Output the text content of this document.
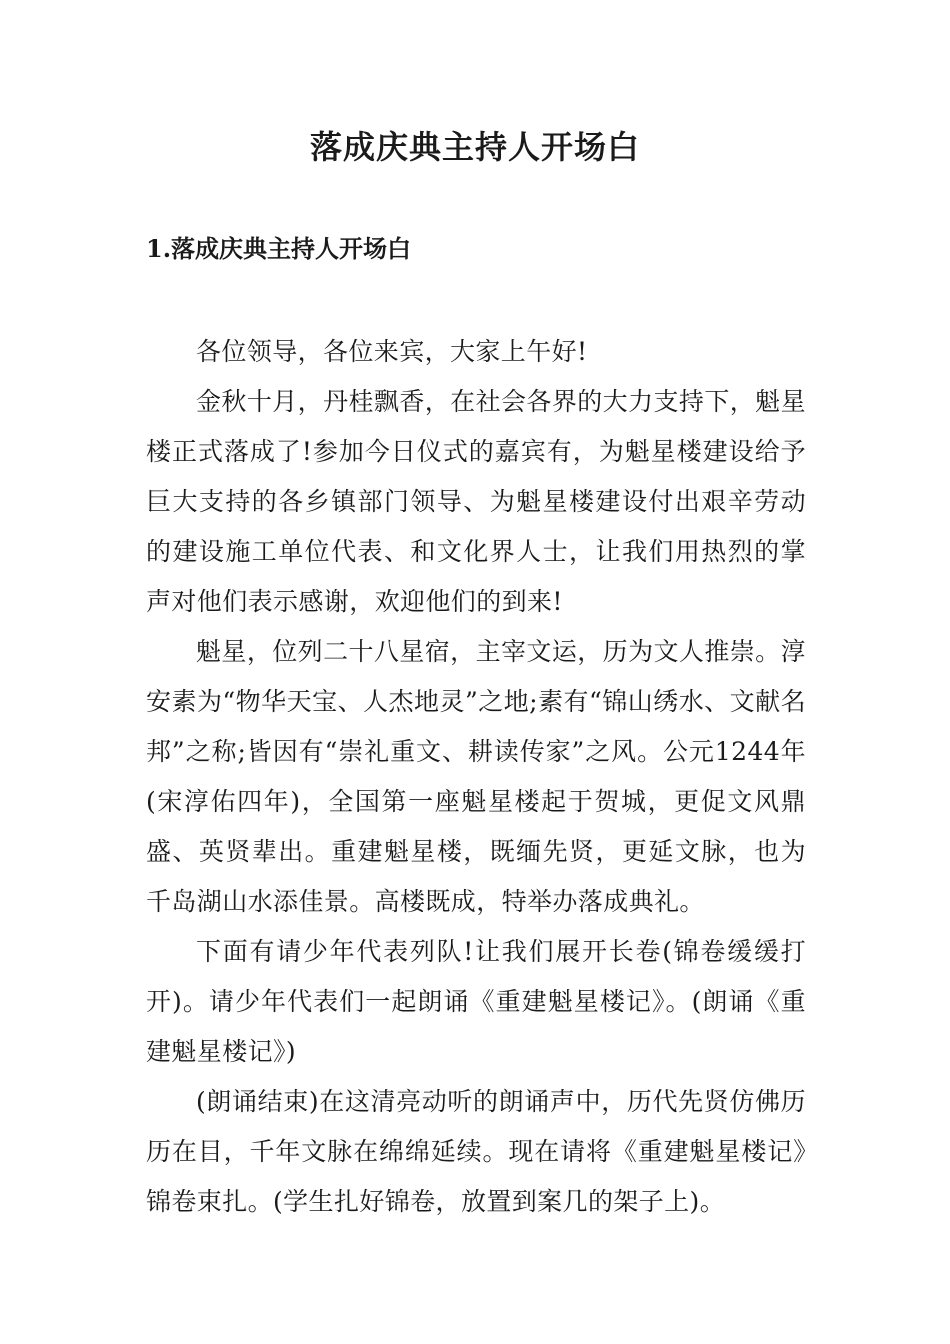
落成庆典主持人开场白
1.落成庆典主持人开场白

各位领导，各位来宾，大家上午好!

金秋十月，丹桂飘香，在社会各界的大力支持下，魁星楼正式落成了!参加今日仪式的嘉宾有，为魁星楼建设给予巨大支持的各乡镇部门领导、为魁星楼建设付出艰辛劳动的建设施工单位代表、和文化界人士，让我们用热烈的掌声对他们表示感谢，欢迎他们的到来!

魁星，位列二十八星宿，主宰文运，历为文人推崇。淳安素为“物华天宝、人杰地灵”之地;素有“锦山绣水、文献名邦”之称;皆因有“崇礼重文、耕读传家”之风。公元1244年(宋淳佑四年)，全国第一座魁星楼起于贺城，更促文风鼎盛、英贤辈出。重建魁星楼，既缅先贤，更延文脉，也为千岛湖山水添佳景。高楼既成，特举办落成典礼。

下面有请少年代表列队!让我们展开长卷(锦卷缓缓打开)。请少年代表们一起朗诵《重建魁星楼记》。(朗诵《重建魁星楼记》)

(朗诵结束)在这清亮动听的朗诵声中，历代先贤仿佛历历在目，千年文脉在绵绵延续。现在请将《重建魁星楼记》锦卷束扎。(学生扎好锦卷，放置到案几的架子上)。
